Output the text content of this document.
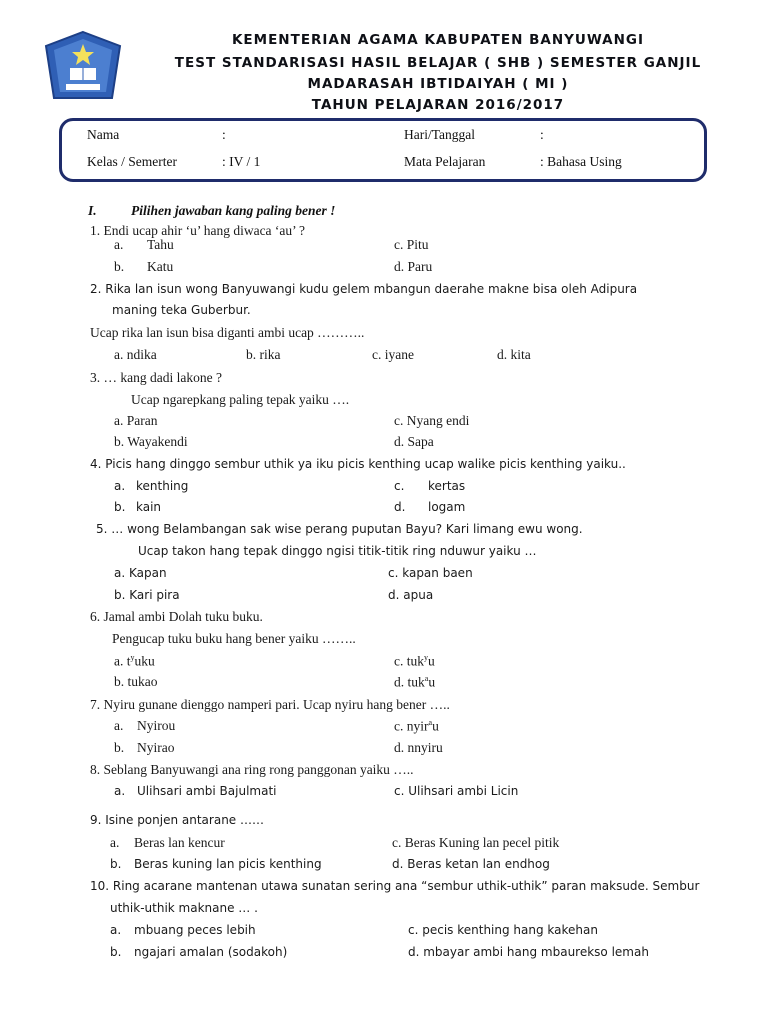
KEMENTERIAN AGAMA KABUPATEN BANYUWANGI
TEST STANDARISASI HASIL BELAJAR ( SHB ) SEMESTER GANJIL
MADARASAH IBTIDAIYAH ( MI )
TAHUN PELAJARAN 2016/2017
Nama	:	Hari/Tanggal	:
Kelas / Semerter	: IV / 1	Mata Pelajaran	: Bahasa Using
I.	Pilihen jawaban kang paling bener !
1. Endi ucap ahir ‘u’ hang diwaca ‘au’ ?
a. Tahu	c. Pitu
b. Katu	d. Paru
2. Rika lan isun wong Banyuwangi kudu gelem mbangun daerahe makne bisa oleh Adipura
maning teka Guberbur.
Ucap rika lan isun bisa diganti ambi ucap ………..
a. ndika	b. rika	c. iyane	d. kita
3. … kang dadi lakone ?
Ucap ngarepkang paling tepak yaiku ….
a. Paran	c. Nyang endi
b. Wayakendi	d. Sapa
4. Picis hang dinggo sembur uthik ya iku picis kenthing ucap walike picis kenthing yaiku..
a. kenthing	c. kertas
b. kain	d. logam
5. … wong Belambangan sak wise perang puputan Bayu? Kari limang ewu wong.
Ucap takon hang tepak dinggo ngisi titik-titik ring nduwur yaiku …
a. Kapan	c. kapan baen
b. Kari pira	d. apua
6. Jamal ambi Dolah tuku buku.
Pengucap tuku buku hang bener yaiku ……..
a. $t^yuku$	c. tuk$^y$u
b. tukao	d. tuk$^a$u
7. Nyiru gunane dienggo namperi pari. Ucap nyiru hang bener …..
a. Nyirou	c. nyir$^a$u
b. Nyirao	d. nnyiru
8. Seblang Banyuwangi ana ring rong panggonan yaiku …..
a. Ulihsari ambi Bajulmati	c. Ulihsari ambi Licin
9. Isine ponjen antarane ……
a. Beras lan kencur	c. Beras Kuning lan pecel pitik
b. Beras kuning lan picis kenthing	d. Beras ketan lan endhog
10. Ring acarane mantenan utawa sunatan sering ana “sembur uthik-uthik” paran maksude. Sembur
uthik-uthik maknane … .
a. mbuang peces lebih	c. pecis kenthing hang kakehan
b. ngajari amalan (sodakoh)	d. mbayar ambi hang mbaurekso lemah
